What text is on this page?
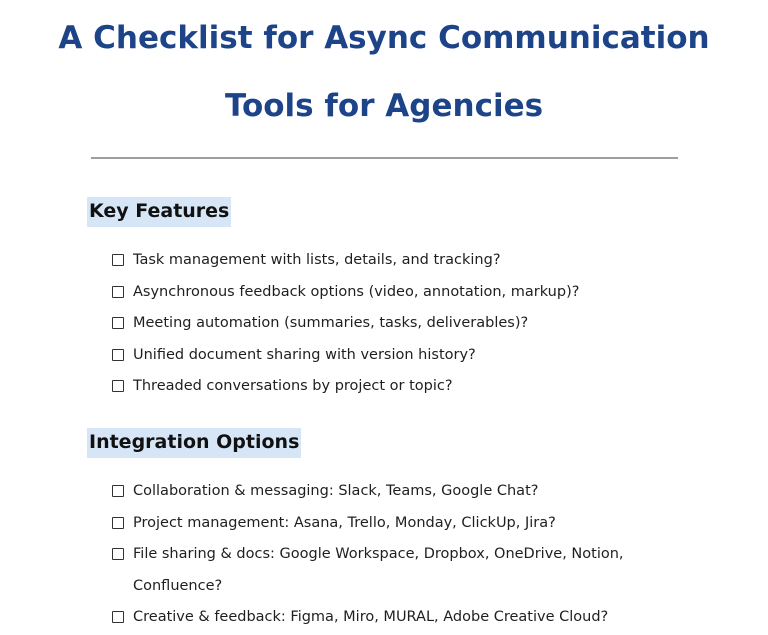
A Checklist for Async Communication
Tools for Agencies
Key Features
Task management with lists, details, and tracking?
Asynchronous feedback options (video, annotation, markup)?
Meeting automation (summaries, tasks, deliverables)?
Unified document sharing with version history?
Threaded conversations by project or topic?
Integration Options
Collaboration & messaging: Slack, Teams, Google Chat?
Project management: Asana, Trello, Monday, ClickUp, Jira?
File sharing & docs: Google Workspace, Dropbox, OneDrive, Notion, Confluence?
Creative & feedback: Figma, Miro, MURAL, Adobe Creative Cloud?
